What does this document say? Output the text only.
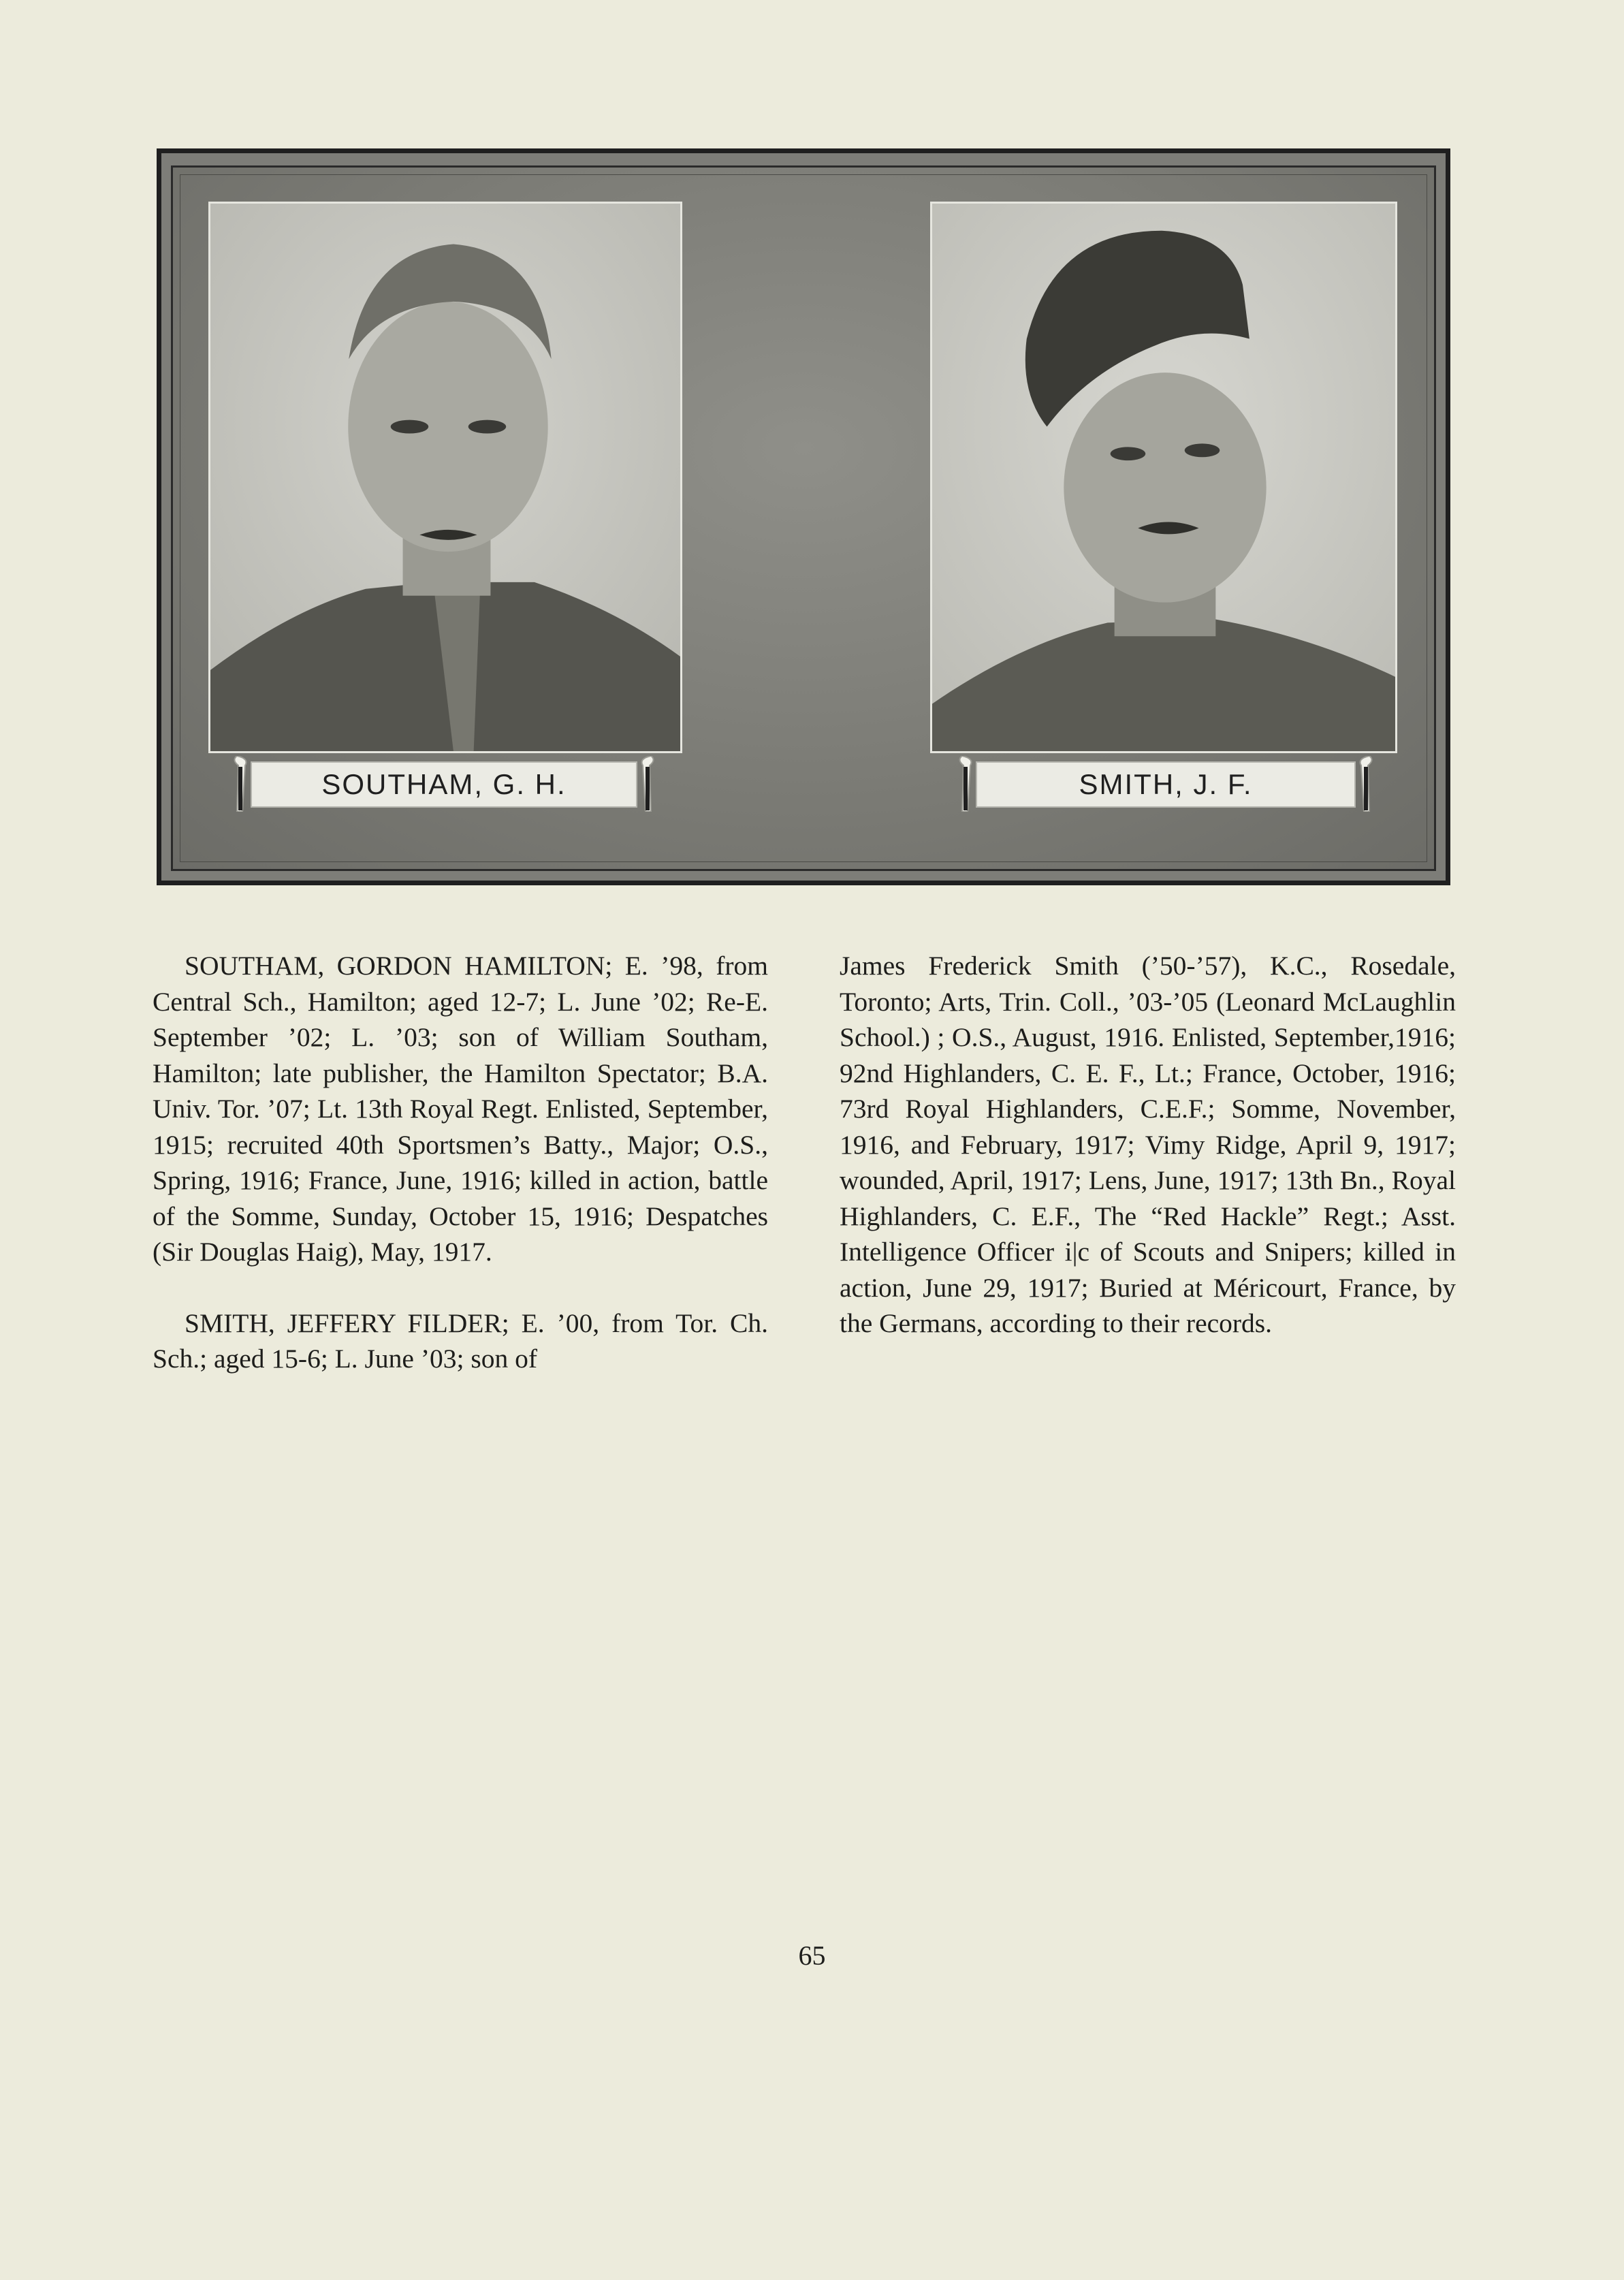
SOUTHAM, G. H.	SMITH, J. F.

SOUTHAM, GORDON HAMILTON; E. ’98, from Central Sch., Hamilton; aged 12-7; L. June ’02; Re-E. September ’02; L. ’03; son of William Southam, Hamilton; late publisher, the Hamilton Spectator; B.A. Univ. Tor. ’07; Lt. 13th Royal Regt. Enlisted, September, 1915; recruited 40th Sportsmen’s Batty., Major; O.S., Spring, 1916; France, June, 1916; killed in action, battle of the Somme, Sunday, October 15, 1916; Despatches (Sir Douglas Haig), May, 1917.

SMITH, JEFFERY FILDER; E. ’00, from Tor. Ch. Sch.; aged 15-6; L. June ’03; son of

James Frederick Smith (’50-’57), K.C., Rosedale, Toronto; Arts, Trin. Coll., ’03-’05 (Leonard McLaughlin School.) ; O.S., August, 1916. Enlisted, September,1916; 92nd Highlanders, C. E. F., Lt.; France, October, 1916; 73rd Royal Highlanders, C.E.F.; Somme, November, 1916, and February, 1917; Vimy Ridge, April 9, 1917; wounded, April, 1917; Lens, June, 1917; 13th Bn., Royal Highlanders, C. E.F., The “Red Hackle” Regt.; Asst. Intelligence Officer i|c of Scouts and Snipers; killed in action, June 29, 1917; Buried at Méricourt, France, by the Germans, according to their records.

65
